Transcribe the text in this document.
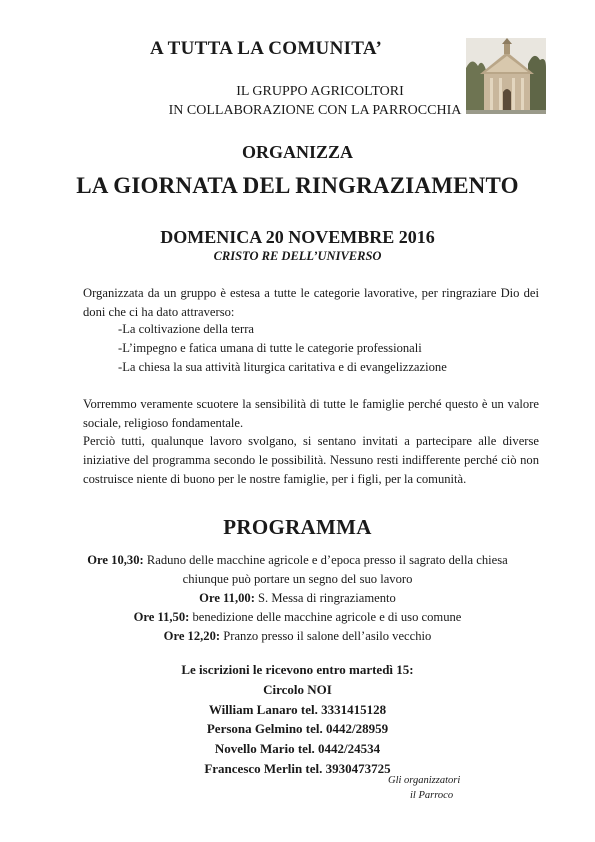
A TUTTA LA COMUNITA’
IL GRUPPO AGRICOLTORI
IN COLLABORAZIONE CON LA PARROCCHIA
ORGANIZZA
LA GIORNATA DEL RINGRAZIAMENTO
DOMENICA 20 NOVEMBRE 2016
CRISTO RE DELL’UNIVERSO
Organizzata da un gruppo è estesa a tutte le categorie lavorative, per ringraziare Dio dei doni che ci ha dato attraverso:
-La coltivazione della terra
-L’impegno e fatica umana di tutte le categorie professionali
-La chiesa la sua attività liturgica caritativa e di evangelizzazione
Vorremmo veramente scuotere la sensibilità di tutte le famiglie perché questo è un valore sociale, religioso fondamentale.
Perciò tutti, qualunque lavoro svolgano, si sentano invitati a partecipare alle diverse iniziative del programma secondo le possibilità. Nessuno resti indifferente perché ciò non costruisce niente di buono per le nostre famiglie, per i figli, per la comunità.
PROGRAMMA
Ore 10,30: Raduno delle macchine agricole e d’epoca presso il sagrato della chiesa
chiunque può portare un segno del suo lavoro
Ore 11,00: S. Messa di ringraziamento
Ore 11,50: benedizione delle macchine agricole e di uso comune
Ore 12,20: Pranzo presso il salone dell’asilo vecchio
Le iscrizioni le ricevono entro martedì 15:
Circolo NOI
William Lanaro tel. 3331415128
Persona Gelmino tel. 0442/28959
Novello Mario tel. 0442/24534
Francesco Merlin tel. 3930473725
Gli organizzatori
il Parroco
